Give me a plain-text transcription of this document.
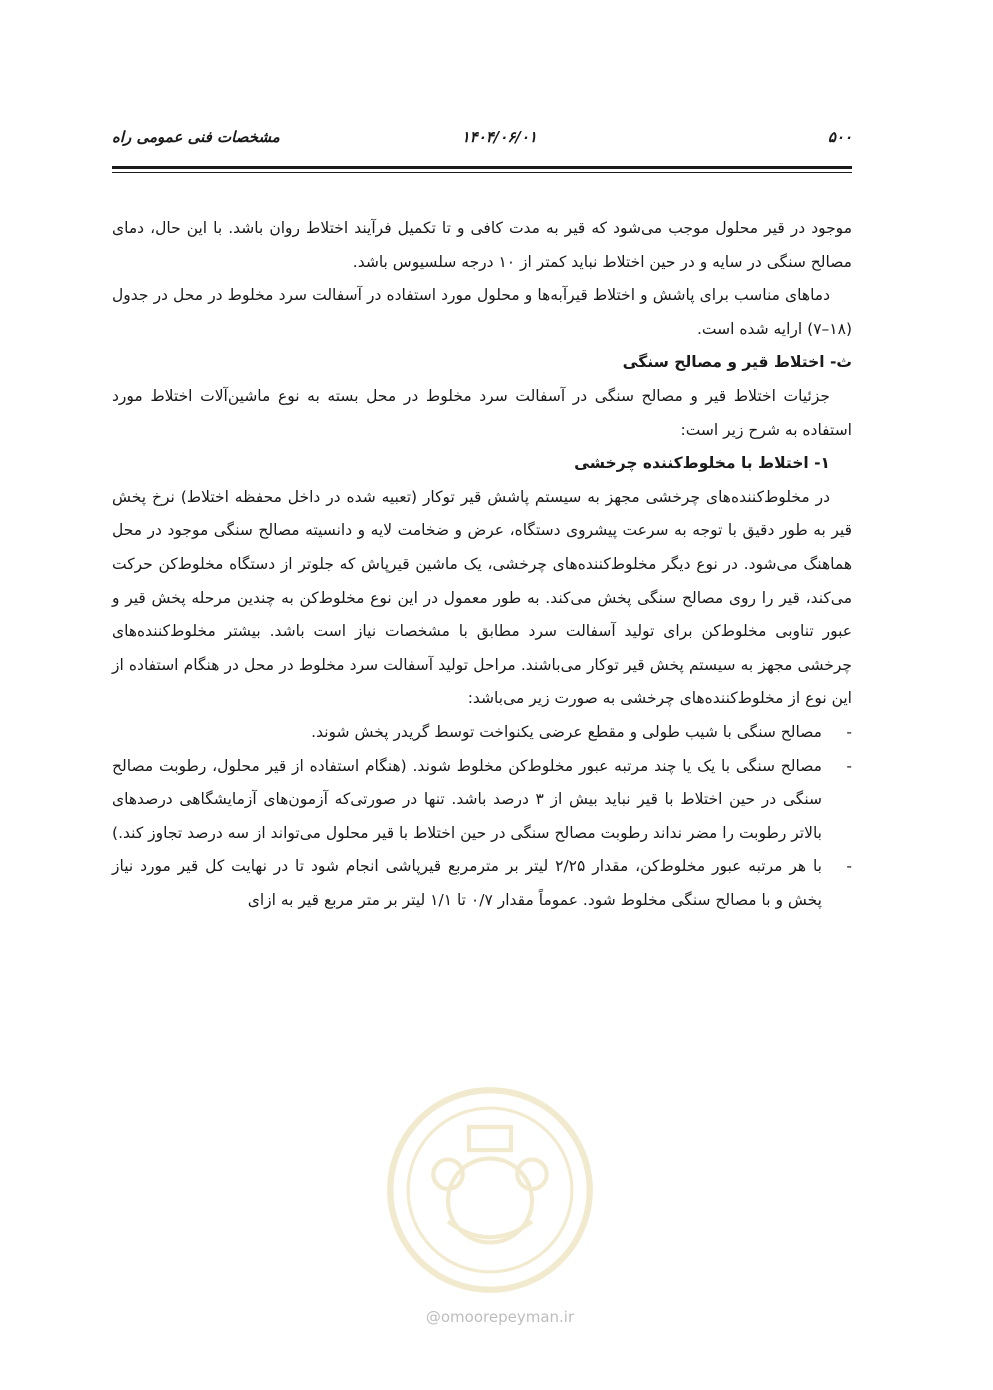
۵۰۰
۱۴۰۴/۰۶/۰۱
مشخصات فنی عمومی راه

موجود در قیر محلول موجب می‌شود که قیر به مدت کافی و تا تکمیل فرآیند اختلاط روان باشد. با این حال، دمای مصالح سنگی در سایه و در حین اختلاط نباید کمتر از ۱۰ درجه سلسیوس باشد.

دماهای مناسب برای پاشش و اختلاط قیرآبه‌ها و محلول مورد استفاده در آسفالت سرد مخلوط در محل در جدول (۱۸–۷) ارایه شده است.

ث- اختلاط قیر و مصالح سنگی

جزئیات اختلاط قیر و مصالح سنگی در آسفالت سرد مخلوط در محل بسته به نوع ماشین‌آلات اختلاط مورد استفاده به شرح زیر است:

۱- اختلاط با مخلوط‌کننده چرخشی

در مخلوط‌کننده‌های چرخشی مجهز به سیستم پاشش قیر توکار (تعبیه شده در داخل محفظه اختلاط) نرخ پخش قیر به طور دقیق با توجه به سرعت پیشروی دستگاه، عرض و ضخامت لایه و دانسیته مصالح سنگی موجود در محل هماهنگ می‌شود. در نوع دیگر مخلوط‌کننده‌های چرخشی، یک ماشین قیرپاش که جلوتر از دستگاه مخلوط‌کن حرکت می‌کند، قیر را روی مصالح سنگی پخش می‌کند. به طور معمول در این نوع مخلوط‌کن به چندین مرحله پخش قیر و عبور تناوبی مخلوط‌کن برای تولید آسفالت سرد مطابق با مشخصات نیاز است باشد. بیشتر مخلوط‌کننده‌های چرخشی مجهز به سیستم پخش قیر توکار می‌باشند. مراحل تولید آسفالت سرد مخلوط در محل در هنگام استفاده از این نوع از مخلوط‌کننده‌های چرخشی به صورت زیر می‌باشد:

-
مصالح سنگی با شیب طولی و مقطع عرضی یکنواخت توسط گریدر پخش شوند.
-
مصالح سنگی با یک یا چند مرتبه عبور مخلوط‌کن مخلوط شوند. (هنگام استفاده از قیر محلول، رطوبت مصالح سنگی در حین اختلاط با قیر نباید بیش از ۳ درصد باشد. تنها در صورتی‌که آزمون‌های آزمایشگاهی درصدهای بالاتر رطوبت را مضر نداند رطوبت مصالح سنگی در حین اختلاط با قیر محلول می‌تواند از سه درصد تجاوز کند.)
-
با هر مرتبه عبور مخلوط‌کن، مقدار ۲/۲۵ لیتر بر مترمربع قیرپاشی انجام شود تا در نهایت کل قیر مورد نیاز پخش و با مصالح سنگی مخلوط شود. عموماً مقدار ۰/۷ تا ۱/۱ لیتر بر متر مربع قیر به ازای
@omoorepeyman.ir
